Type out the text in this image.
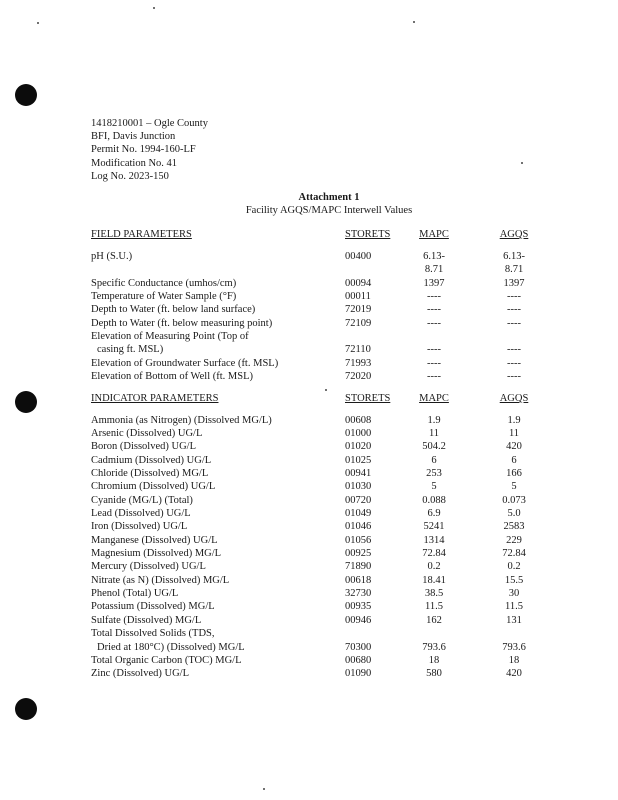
1418210001 – Ogle County
BFI, Davis Junction
Permit No. 1994-160-LF
Modification No. 41
Log No. 2023-150
Attachment 1
Facility AGQS/MAPC Interwell Values
FIELD PARAMETERS	STORETS	MAPC	AGQS
pH (S.U.)	00400	6.13-	6.13-
8.71	8.71
Specific Conductance (umhos/cm)	00094	1397	1397
Temperature of Water Sample (°F)	00011	----	----
Depth to Water (ft. below land surface)	72019	----	----
Depth to Water (ft. below measuring point)	72109	----	----
Elevation of Measuring Point (Top of
casing ft. MSL)	72110	----	----
Elevation of Groundwater Surface (ft. MSL)	71993	----	----
Elevation of Bottom of Well (ft. MSL)	72020	----	----
INDICATOR PARAMETERS	STORETS	MAPC	AGQS
Ammonia (as Nitrogen) (Dissolved MG/L)	00608	1.9	1.9
Arsenic (Dissolved) UG/L	01000	11	11
Boron (Dissolved) UG/L	01020	504.2	420
Cadmium (Dissolved) UG/L	01025	6	6
Chloride (Dissolved) MG/L	00941	253	166
Chromium (Dissolved) UG/L	01030	5	5
Cyanide (MG/L) (Total)	00720	0.088	0.073
Lead (Dissolved) UG/L	01049	6.9	5.0
Iron (Dissolved) UG/L	01046	5241	2583
Manganese (Dissolved) UG/L	01056	1314	229
Magnesium (Dissolved) MG/L	00925	72.84	72.84
Mercury (Dissolved) UG/L	71890	0.2	0.2
Nitrate (as N) (Dissolved) MG/L	00618	18.41	15.5
Phenol (Total) UG/L	32730	38.5	30
Potassium (Dissolved) MG/L	00935	11.5	11.5
Sulfate (Dissolved) MG/L	00946	162	131
Total Dissolved Solids (TDS,
Dried at 180°C) (Dissolved) MG/L	70300	793.6	793.6
Total Organic Carbon (TOC) MG/L	00680	18	18
Zinc (Dissolved) UG/L	01090	580	420
